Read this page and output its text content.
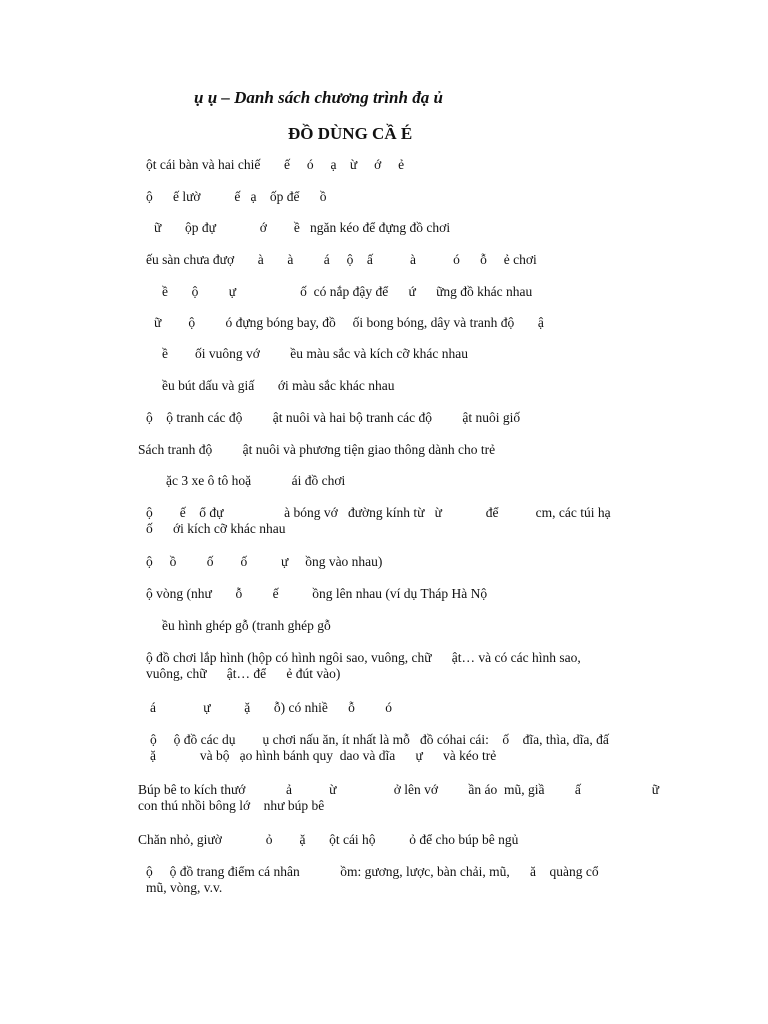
ụ ụ – Danh sách chương trình đạ ủ
ĐỒ DÙNG CẦ É
ột cái bàn và hai chiế       ế     ó     ạ    ừ     ớ     ẻ
ộ      ế lườ          ế   ạ    ốp để      ồ
ữ       ộp đự             ớ        ề   ngăn kéo để đựng đồ chơi
ếu sàn chưa đượ       à       à         á     ộ    ấ           à           ó      ỗ     ẻ chơi
ề       ộ         ự                   ố  có nắp đậy để      ứ      ững đồ khác nhau
ữ        ộ         ó đựng bóng bay, đồ     ối bong bóng, dây và tranh độ       ậ
ề        ối vuông vớ         ều màu sắc và kích cỡ khác nhau
ều bút dấu và giấ       ới màu sắc khác nhau
ộ    ộ tranh các độ         ật nuôi và hai bộ tranh các độ         ật nuôi giố
Sách tranh độ         ật nuôi và phương tiện giao thông dành cho trẻ
ặc 3 xe ô tô hoặ            ái đồ chơi
ộ        ế    ổ đự                  à bóng vớ   đường kính từ   ừ             để           cm, các túi hạ
ố      ới kích cỡ khác nhau
ộ     ồ         ố        ố          ự     ồng vào nhau)
ộ vòng (như       ỗ         ế          ồng lên nhau (ví dụ Tháp Hà Nộ
ều hình ghép gỗ (tranh ghép gỗ
ộ đồ chơi lắp hình (hộp có hình ngôi sao, vuông, chữ      ật… và có các hình sao,
vuông, chữ      ật… để      ẻ đút vào)
á              ự          ặ       ỗ) có nhiề      ỗ         ó
ộ     ộ đồ các dụ        ụ chơi nấu ăn, ít nhất là mỗ   đồ cóhai cái:    ố    đĩa, thìa, dĩa, đấ
ặ             và bộ   ạo hình bánh quy  dao và dĩa      ự      và kéo trẻ
Búp bê to kích thướ            ả           ừ                 ở lên vớ         ần áo  mũ, giầ         ấ                     ữ
con thú nhồi bông lớ    như búp bê
Chăn nhỏ, giườ             ỏ        ặ       ột cái hộ          ỏ để cho búp bê ngủ
ộ     ộ đồ trang điểm cá nhân            ồm: gương, lược, bàn chải, mũ,      ă    quàng cổ
mũ, vòng, v.v.
